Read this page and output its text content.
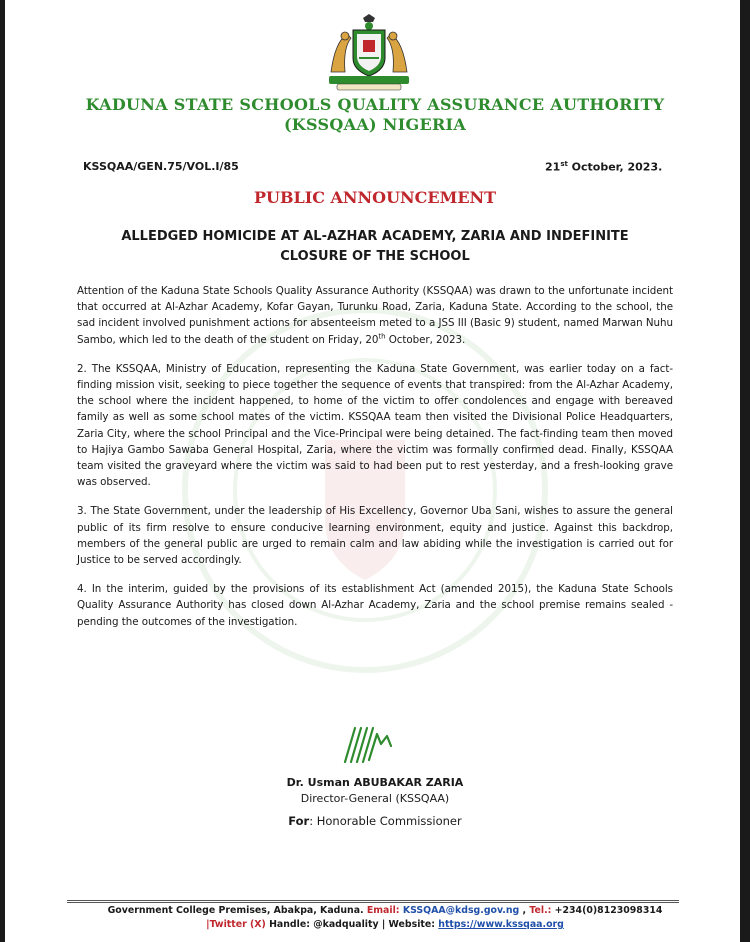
KADUNA STATE SCHOOLS QUALITY ASSURANCE AUTHORITY
(KSSQAA) NIGERIA
KSSQAA/GEN.75/VOL.I/85	21st October, 2023.
PUBLIC ANNOUNCEMENT
ALLEDGED HOMICIDE AT AL-AZHAR ACADEMY, ZARIA AND INDEFINITE
CLOSURE OF THE SCHOOL

Attention of the Kaduna State Schools Quality Assurance Authority (KSSQAA) was drawn to the unfortunate incident that occurred at Al-Azhar Academy, Kofar Gayan, Turunku Road, Zaria, Kaduna State. According to the school, the sad incident involved punishment actions for absenteeism meted to a JSS III (Basic 9) student, named Marwan Nuhu Sambo, which led to the death of the student on Friday, 20th October, 2023.

2. The KSSQAA, Ministry of Education, representing the Kaduna State Government, was earlier today on a fact-finding mission visit, seeking to piece together the sequence of events that transpired: from the Al-Azhar Academy, the school where the incident happened, to home of the victim to offer condolences and engage with bereaved family as well as some school mates of the victim. KSSQAA team then visited the Divisional Police Headquarters, Zaria City, where the school Principal and the Vice-Principal were being detained. The fact-finding team then moved to Hajiya Gambo Sawaba General Hospital, Zaria, where the victim was formally confirmed dead. Finally, KSSQAA team visited the graveyard where the victim was said to had been put to rest yesterday, and a fresh-looking grave was observed.

3. The State Government, under the leadership of His Excellency, Governor Uba Sani, wishes to assure the general public of its firm resolve to ensure conducive learning environment, equity and justice. Against this backdrop, members of the general public are urged to remain calm and law abiding while the investigation is carried out for Justice to be served accordingly.

4. In the interim, guided by the provisions of its establishment Act (amended 2015), the Kaduna State Schools Quality Assurance Authority has closed down Al-Azhar Academy, Zaria and the school premise remains sealed - pending the outcomes of the investigation.

Dr. Usman ABUBAKAR ZARIA
Director-General (KSSQAA)
For: Honorable Commissioner
Government College Premises, Abakpa, Kaduna. Email: KSSQAA@kdsg.gov.ng , Tel.: +234(0)8123098314
|Twitter (X) Handle: @kadquality | Website: https://www.kssqaa.org
